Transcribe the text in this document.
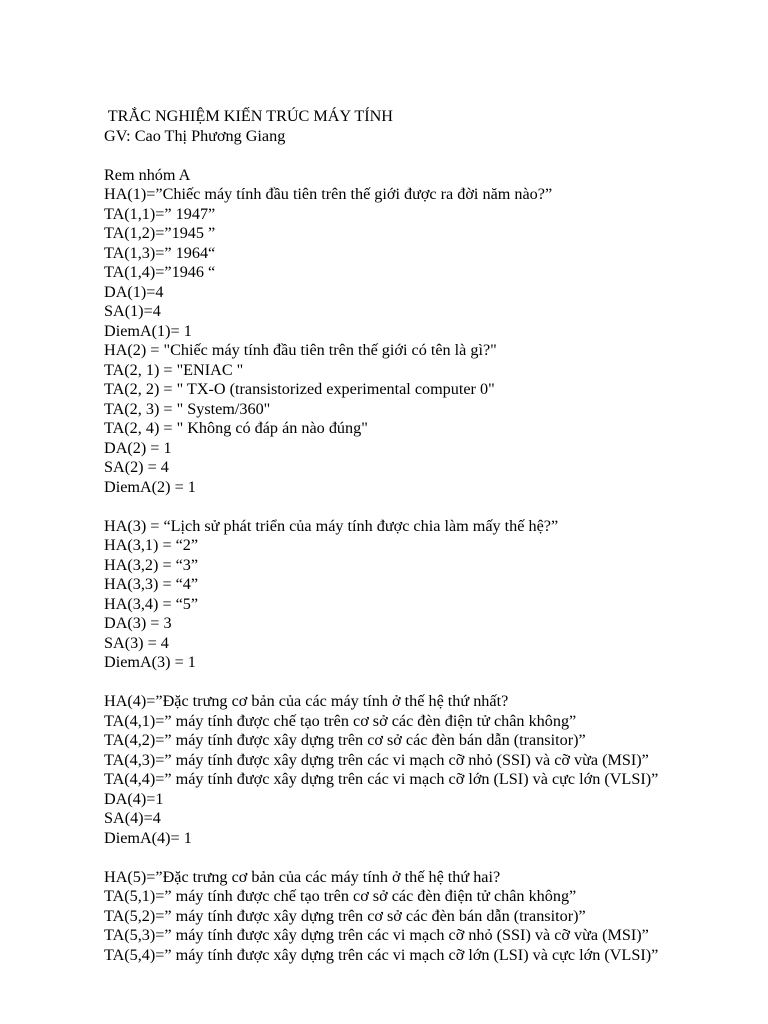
TRẮC NGHIỆM KIẾN TRÚC MÁY TÍNH
GV: Cao Thị Phương Giang
Rem nhóm A
HA(1)=”Chiếc máy tính đầu tiên trên thế giới được ra đời năm nào?”
TA(1,1)=” 1947”
TA(1,2)=”1945 ”
TA(1,3)=” 1964“
TA(1,4)=”1946 “
DA(1)=4
SA(1)=4
DiemA(1)= 1
HA(2) = "Chiếc máy tính đầu tiên trên thế giới có tên là gì?"
TA(2, 1) = "ENIAC "
TA(2, 2) = " TX-O (transistorized experimental computer 0"
TA(2, 3) = " System/360"
TA(2, 4) = " Không có đáp án nào đúng"
DA(2) = 1
SA(2) = 4
DiemA(2) = 1
HA(3) = “Lịch sử phát triển của máy tính được chia làm mấy thế hệ?”
HA(3,1) = “2”
HA(3,2) = “3”
HA(3,3) = “4”
HA(3,4) = “5”
DA(3) = 3
SA(3) = 4
DiemA(3) = 1
HA(4)=”Đặc trưng cơ bản của các máy tính ở thế hệ thứ nhất?
TA(4,1)=” máy tính được chế tạo trên cơ sở các đèn điện tử chân không”
TA(4,2)=” máy tính được xây dựng trên cơ sở các đèn bán dẫn (transitor)”
TA(4,3)=” máy tính được xây dựng trên các vi mạch cỡ nhỏ (SSI) và cỡ vừa (MSI)”
TA(4,4)=” máy tính được xây dựng trên các vi mạch cỡ lớn (LSI) và cực lớn (VLSI)”
DA(4)=1
SA(4)=4
DiemA(4)= 1
HA(5)=”Đặc trưng cơ bản của các máy tính ở thế hệ thứ hai?
TA(5,1)=” máy tính được chế tạo trên cơ sở các đèn điện tử chân không”
TA(5,2)=” máy tính được xây dựng trên cơ sở các đèn bán dẫn (transitor)”
TA(5,3)=” máy tính được xây dựng trên các vi mạch cỡ nhỏ (SSI) và cỡ vừa (MSI)”
TA(5,4)=” máy tính được xây dựng trên các vi mạch cỡ lớn (LSI) và cực lớn (VLSI)”
